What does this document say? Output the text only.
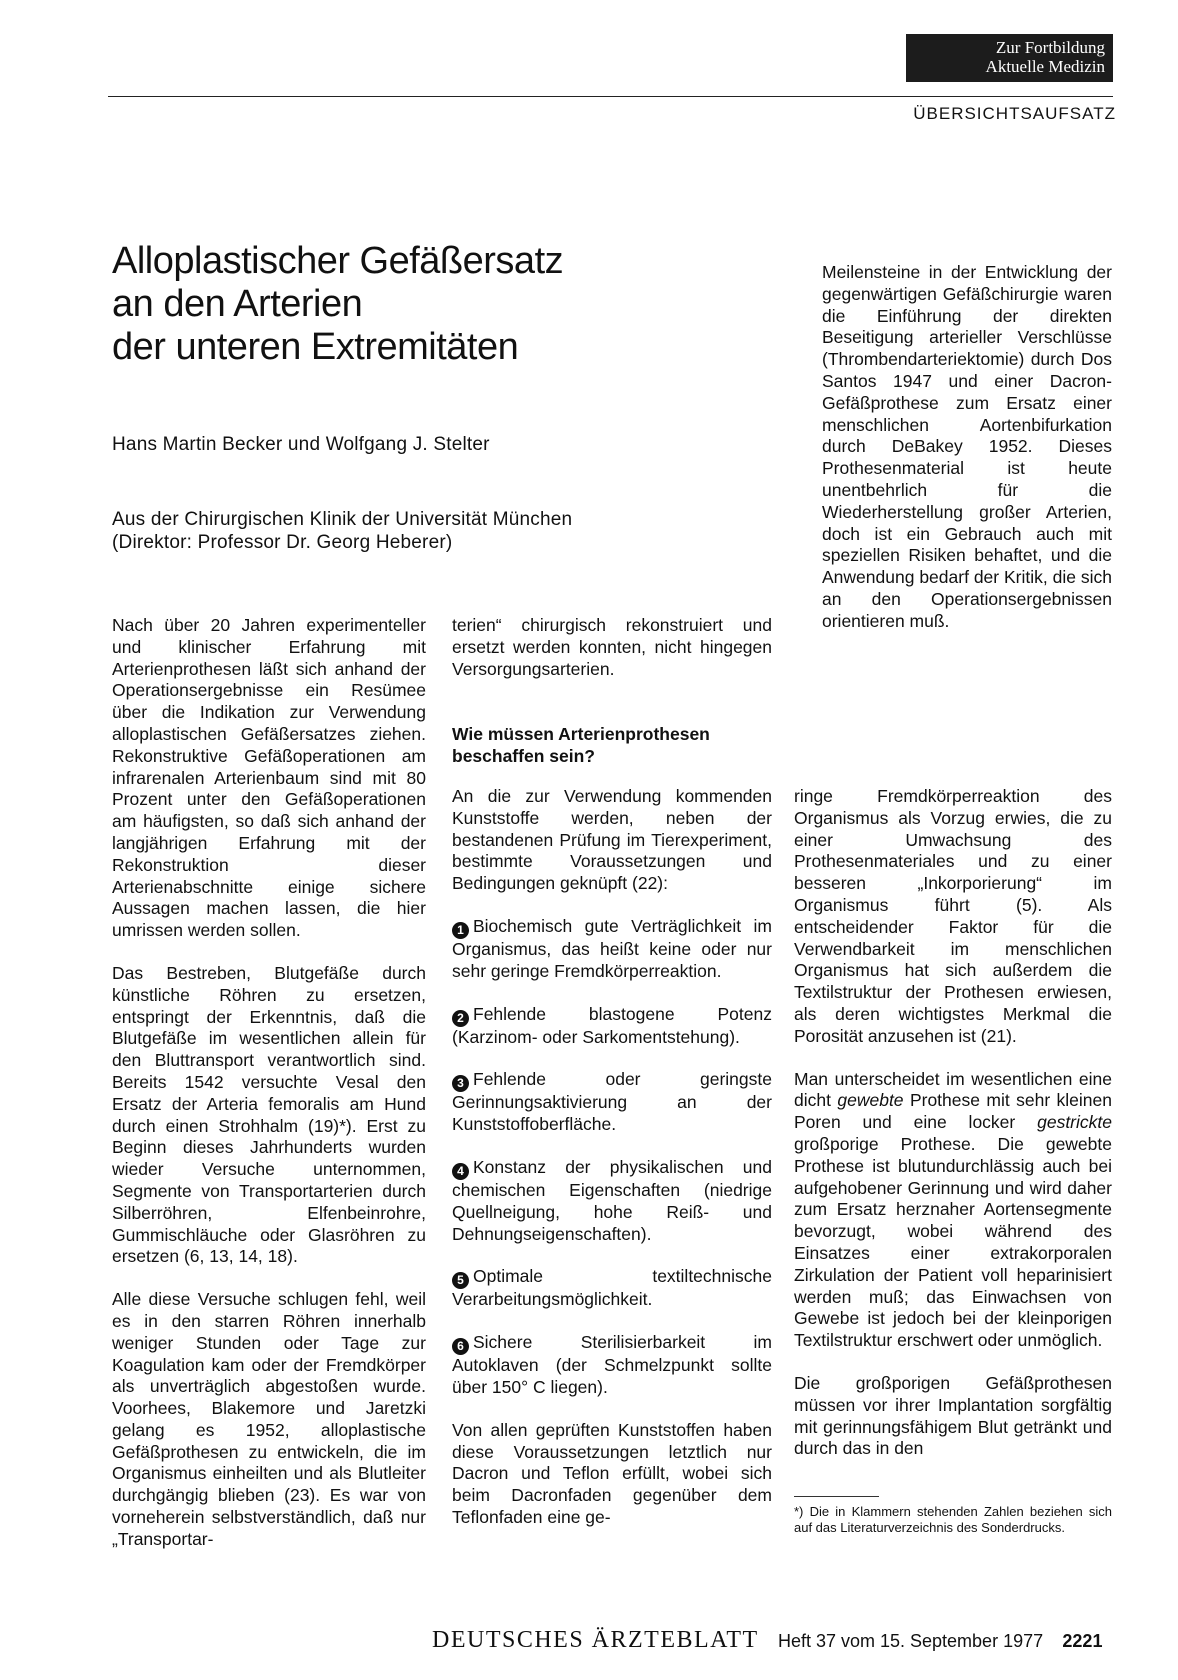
Zur Fortbildung
Aktuelle Medizin
ÜBERSICHTSAUFSATZ
Alloplastischer Gefäßersatz
an den Arterien
der unteren Extremitäten
Hans Martin Becker und Wolfgang J. Stelter
Aus der Chirurgischen Klinik der Universität München
(Direktor: Professor Dr. Georg Heberer)

Meilensteine in der Entwicklung der gegenwärtigen Gefäßchirurgie waren die Einführung der direkten Beseitigung arterieller Verschlüsse (Thrombendarteriektomie) durch Dos Santos 1947 und einer Dacron-Gefäßprothese zum Ersatz einer menschlichen Aortenbifurkation durch DeBakey 1952. Dieses Prothesenmaterial ist heute unentbehrlich für die Wiederherstellung großer Arterien, doch ist ein Gebrauch auch mit speziellen Risiken behaftet, und die Anwendung bedarf der Kritik, die sich an den Operationsergebnissen orientieren muß.

Nach über 20 Jahren experimenteller und klinischer Erfahrung mit Arterienprothesen läßt sich anhand der Operationsergebnisse ein Resümee über die Indikation zur Verwendung alloplastischen Gefäßersatzes ziehen. Rekonstruktive Gefäßoperationen am infrarenalen Arterienbaum sind mit 80 Prozent unter den Gefäßoperationen am häufigsten, so daß sich anhand der langjährigen Erfahrung mit der Rekonstruktion dieser Arterienabschnitte einige sichere Aussagen machen lassen, die hier umrissen werden sollen.

Das Bestreben, Blutgefäße durch künstliche Röhren zu ersetzen, entspringt der Erkenntnis, daß die Blutgefäße im wesentlichen allein für den Bluttransport verantwortlich sind. Bereits 1542 versuchte Vesal den Ersatz der Arteria femoralis am Hund durch einen Strohhalm (19)*). Erst zu Beginn dieses Jahrhunderts wurden wieder Versuche unternommen, Segmente von Transportarterien durch Silberröhren, Elfenbeinrohre, Gummischläuche oder Glasröhren zu ersetzen (6, 13, 14, 18).

Alle diese Versuche schlugen fehl, weil es in den starren Röhren innerhalb weniger Stunden oder Tage zur Koagulation kam oder der Fremdkörper als unverträglich abgestoßen wurde. Voorhees, Blakemore und Jaretzki gelang es 1952, alloplastische Gefäßprothesen zu entwickeln, die im Organismus einheilten und als Blutleiter durchgängig blieben (23). Es war von vorneherein selbstverständlich, daß nur „Transportar-

terien“ chirurgisch rekonstruiert und ersetzt werden konnten, nicht hingegen Versorgungsarterien.

Wie müssen Arterienprothesen beschaffen sein?

An die zur Verwendung kommenden Kunststoffe werden, neben der bestandenen Prüfung im Tierexperiment, bestimmte Voraussetzungen und Bedingungen geknüpft (22):

1 Biochemisch gute Verträglichkeit im Organismus, das heißt keine oder nur sehr geringe Fremdkörperreaktion.

2 Fehlende blastogene Potenz (Karzinom- oder Sarkomentstehung).

3 Fehlende oder geringste Gerinnungsaktivierung an der Kunststoffoberfläche.

4 Konstanz der physikalischen und chemischen Eigenschaften (niedrige Quellneigung, hohe Reiß- und Dehnungseigenschaften).

5 Optimale textiltechnische Verarbeitungsmöglichkeit.

6 Sichere Sterilisierbarkeit im Autoklaven (der Schmelzpunkt sollte über 150° C liegen).

Von allen geprüften Kunststoffen haben diese Voraussetzungen letztlich nur Dacron und Teflon erfüllt, wobei sich beim Dacronfaden gegenüber dem Teflonfaden eine ge-

ringe Fremdkörperreaktion des Organismus als Vorzug erwies, die zu einer Umwachsung des Prothesenmateriales und zu einer besseren „Inkorporierung“ im Organismus führt (5). Als entscheidender Faktor für die Verwendbarkeit im menschlichen Organismus hat sich außerdem die Textilstruktur der Prothesen erwiesen, als deren wichtigstes Merkmal die Porosität anzusehen ist (21).

Man unterscheidet im wesentlichen eine dicht gewebte Prothese mit sehr kleinen Poren und eine locker gestrickte großporige Prothese. Die gewebte Prothese ist blutundurchlässig auch bei aufgehobener Gerinnung und wird daher zum Ersatz herznaher Aortensegmente bevorzugt, wobei während des Einsatzes einer extrakorporalen Zirkulation der Patient voll heparinisiert werden muß; das Einwachsen von Gewebe ist jedoch bei der kleinporigen Textilstruktur erschwert oder unmöglich.

Die großporigen Gefäßprothesen müssen vor ihrer Implantation sorgfältig mit gerinnungsfähigem Blut getränkt und durch das in den

*) Die in Klammern stehenden Zahlen beziehen sich auf das Literaturverzeichnis des Sonderdrucks.
DEUTSCHES ÄRZTEBLATT Heft 37 vom 15. September 1977 2221
